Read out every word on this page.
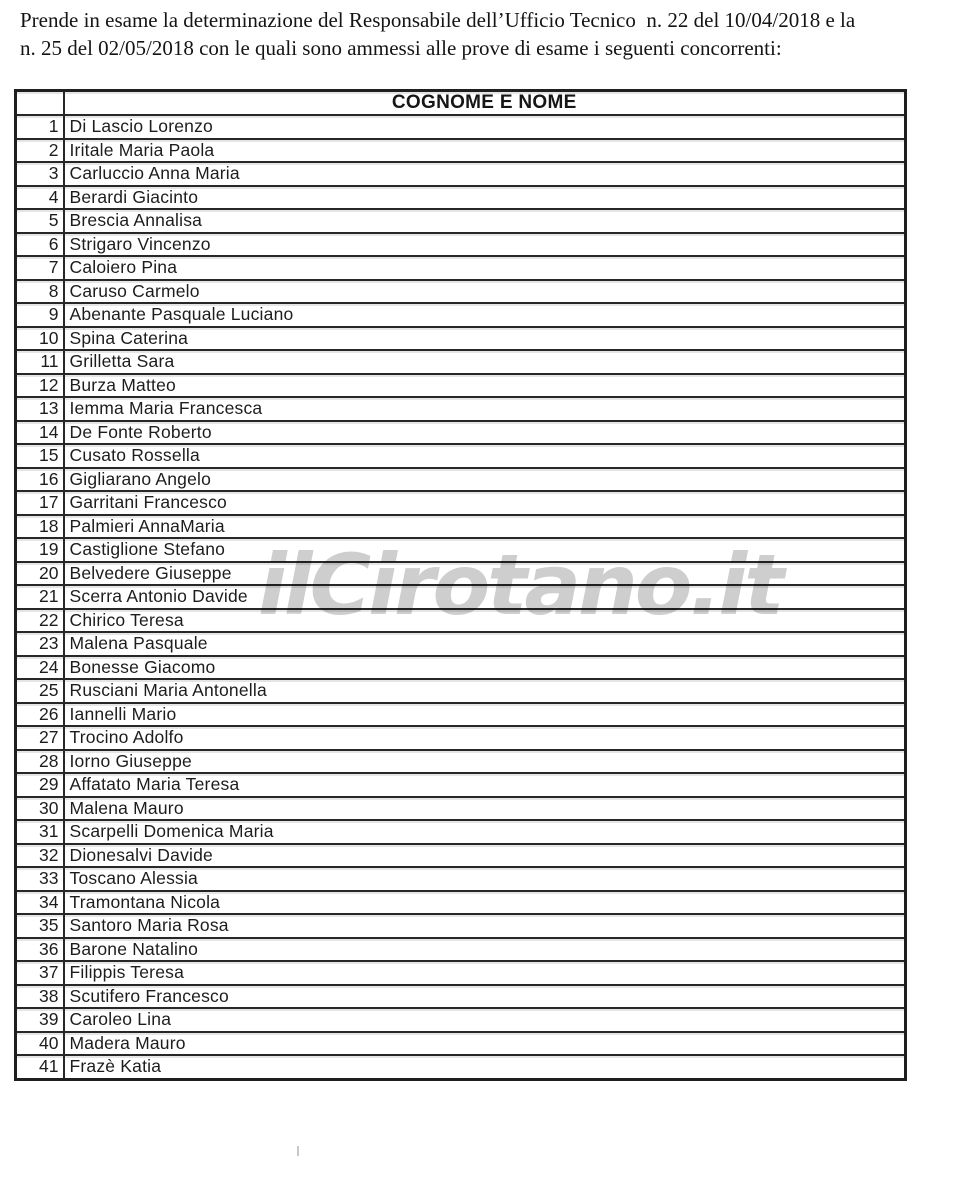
Prende in esame la determinazione del Responsabile dell’Ufficio Tecnico  n. 22 del 10/04/2018 e la
n. 25 del 02/05/2018 con le quali sono ammessi alle prove di esame i seguenti concorrenti:

	COGNOME E NOME
1	Di Lascio Lorenzo
2	Iritale Maria Paola
3	Carluccio Anna Maria
4	Berardi Giacinto
5	Brescia Annalisa
6	Strigaro Vincenzo
7	Caloiero Pina
8	Caruso Carmelo
9	Abenante Pasquale Luciano
10	Spina Caterina
11	Grilletta Sara
12	Burza Matteo
13	Iemma Maria Francesca
14	De Fonte Roberto
15	Cusato Rossella
16	Gigliarano Angelo
17	Garritani Francesco
18	Palmieri AnnaMaria
19	Castiglione Stefano
20	Belvedere Giuseppe
21	Scerra Antonio Davide
22	Chirico Teresa
23	Malena Pasquale
24	Bonesse Giacomo
25	Rusciani Maria Antonella
26	Iannelli Mario
27	Trocino Adolfo
28	Iorno Giuseppe
29	Affatato Maria Teresa
30	Malena Mauro
31	Scarpelli Domenica Maria
32	Dionesalvi Davide
33	Toscano Alessia
34	Tramontana Nicola
35	Santoro Maria Rosa
36	Barone Natalino
37	Filippis Teresa
38	Scutifero Francesco
39	Caroleo Lina
40	Madera Mauro
41	Frazè Katia
ilCirotano.it
